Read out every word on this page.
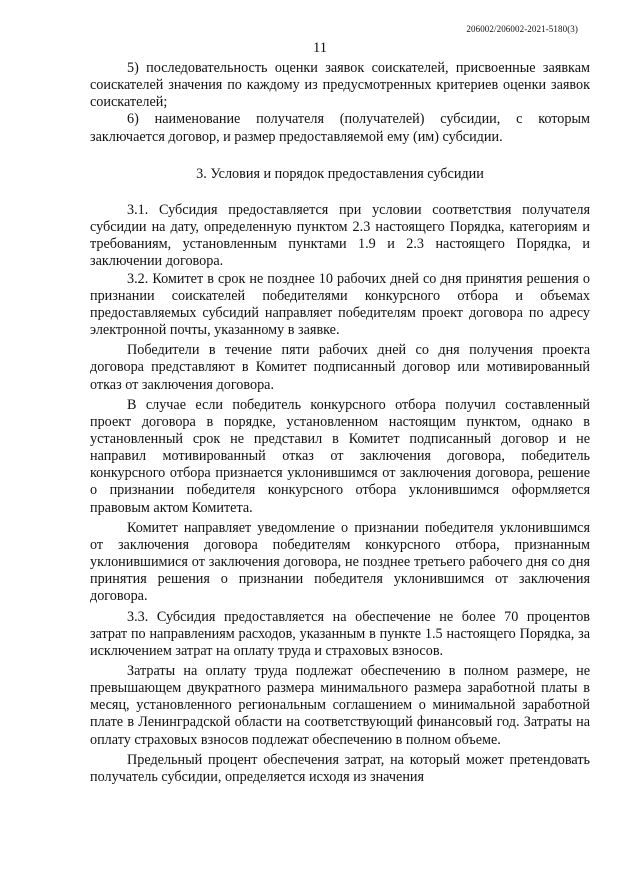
206002/206002-2021-5180(3)
11

5) последовательность оценки заявок соискателей, присвоенные заявкам соискателей значения по каждому из предусмотренных критериев оценки заявок соискателей;

6) наименование получателя (получателей) субсидии, с которым заключается договор, и размер предоставляемой ему (им) субсидии.

3. Условия и порядок предоставления субсидии

3.1. Субсидия предоставляется при условии соответствия получателя субсидии на дату, определенную пунктом 2.3 настоящего Порядка, категориям и требованиям, установленным пунктами 1.9 и 2.3 настоящего Порядка, и заключении договора.

3.2. Комитет в срок не позднее 10 рабочих дней со дня принятия решения о признании соискателей победителями конкурсного отбора и объемах предоставляемых субсидий направляет победителям проект договора по адресу электронной почты, указанному в заявке.

Победители в течение пяти рабочих дней со дня получения проекта договора представляют в Комитет подписанный договор или мотивированный отказ от заключения договора.

В случае если победитель конкурсного отбора получил составленный проект договора в порядке, установленном настоящим пунктом, однако в установленный срок не представил в Комитет подписанный договор и не направил мотивированный отказ от заключения договора, победитель конкурсного отбора признается уклонившимся от заключения договора, решение о признании победителя конкурсного отбора уклонившимся оформляется правовым актом Комитета.

Комитет направляет уведомление о признании победителя уклонившимся от заключения договора победителям конкурсного отбора, признанным уклонившимися от заключения договора, не позднее третьего рабочего дня со дня принятия решения о признании победителя уклонившимся от заключения договора.

3.3. Субсидия предоставляется на обеспечение не более 70 процентов затрат по направлениям расходов, указанным в пункте 1.5 настоящего Порядка, за исключением затрат на оплату труда и страховых взносов.

Затраты на оплату труда подлежат обеспечению в полном размере, не превышающем двукратного размера минимального размера заработной платы в месяц, установленного региональным соглашением о минимальной заработной плате в Ленинградской области на соответствующий финансовый год. Затраты на оплату страховых взносов подлежат обеспечению в полном объеме.

Предельный процент обеспечения затрат, на который может претендовать получатель субсидии, определяется исходя из значения
